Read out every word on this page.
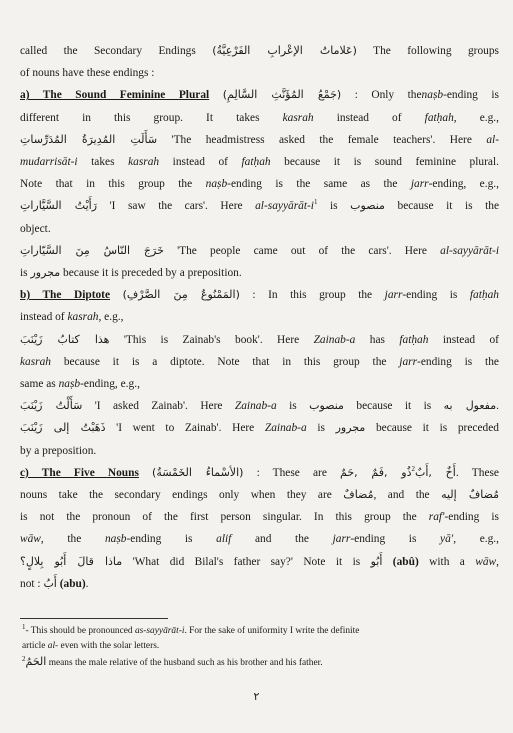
called the Secondary Endings (عَلاماتُ الإعْرابِ الفَرْعِيَّةُ) The following groups
of nouns have these endings :
a) The Sound Feminine Plural (جَمْعُ المُؤَنَّثِ السَّالِمِ) : Only thenaṣb-ending is
different in this group. It takes kasrah instead of fatḥah, e.g.,
سَأَلَتِ المُدِيرَةُ المُدَرِّساتِ 'The headmistress asked the female teachers'. Here al-
mudarrisāt-i takes kasrah instead of fatḥah because it is sound feminine plural.
Note that in this group the naṣb-ending is the same as the jarr-ending, e.g.,
رَأَيْتُ السَّيَّاراتِ 'I saw the cars'. Here $al-sayyārāt-i^1$ is منصوب because it is the
object.
خَرَجَ النّاسُ مِنَ السَّيّاراتِ 'The people came out of the cars'. Here al-sayyārāt-i
is مجرور because it is preceded by a preposition.
b) The Diptote (المَمْنُوعُ مِنَ الصَّرْفِ) : In this group the jarr-ending is fatḥah
instead of kasrah, e.g.,
هذا كتابُ زَيْنَبَ 'This is Zainab's book'. Here Zainab-a has fatḥah instead of
kasrah because it is a diptote. Note that in this group the jarr-ending is the
same as naṣb-ending, e.g.,
سَأَلْتُ زَيْنَبَ 'I asked Zainab'. Here Zainab-a is منصوب because it is مفعول به.
ذَهَبْتُ إلى زَيْنَبَ 'I went to Zainab'. Here Zainab-a is مجرور because it is preceded
by a preposition.
c) The Five Nouns (الأسْماءُ الخَمْسَةُ) : These are ذُو ,فَمٌ ,حَمٌ$^2$أَخٌ ,أَبٌ. These
nouns take the secondary endings only when they are مُضافٌ, and the مُضافٌ إليه
is not the pronoun of the first person singular. In this group the raf'-ending is
wāw, the naṣb-ending is alif and the jarr-ending is yā', e.g.,
ماذا قالَ أَبُو بِلالٍ؟ 'What did Bilal's father say?' Note it is أَبُو (abû) with a wāw,
not : أَبُ (abu).
$^1$- This should be pronounced as-sayyārāt-i. For the sake of uniformity I write the definite
article al- even with the solar letters.
$^2$الحَمُ means the male relative of the husband such as his brother and his father.
٢
